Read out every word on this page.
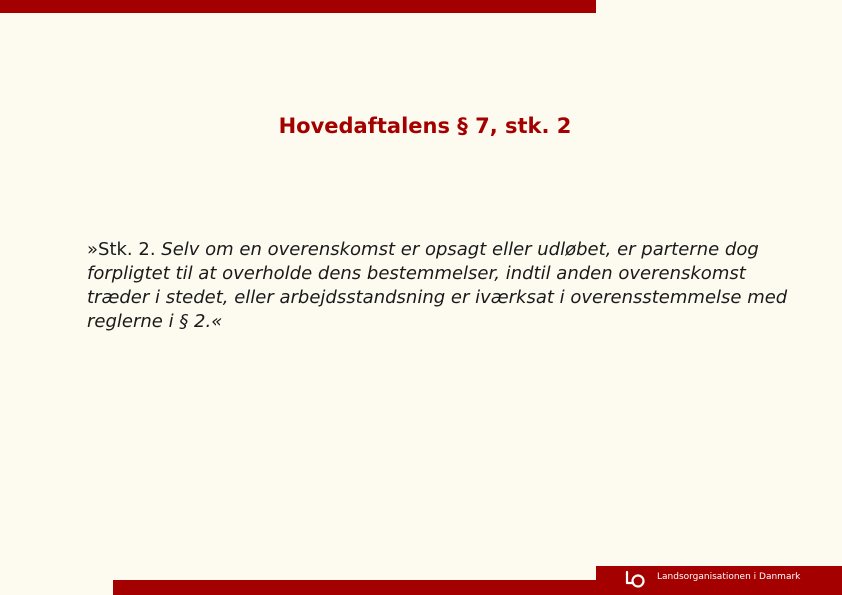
Hovedaftalens § 7, stk. 2
»Stk. 2. Selv om en overenskomst er opsagt eller udløbet, er parterne dog forpligtet til at overholde dens bestemmelser, indtil anden overenskomst træder i stedet, eller arbejdsstandsning er iværksat i overensstemmelse med reglerne i § 2.«
Landsorganisationen i Danmark
